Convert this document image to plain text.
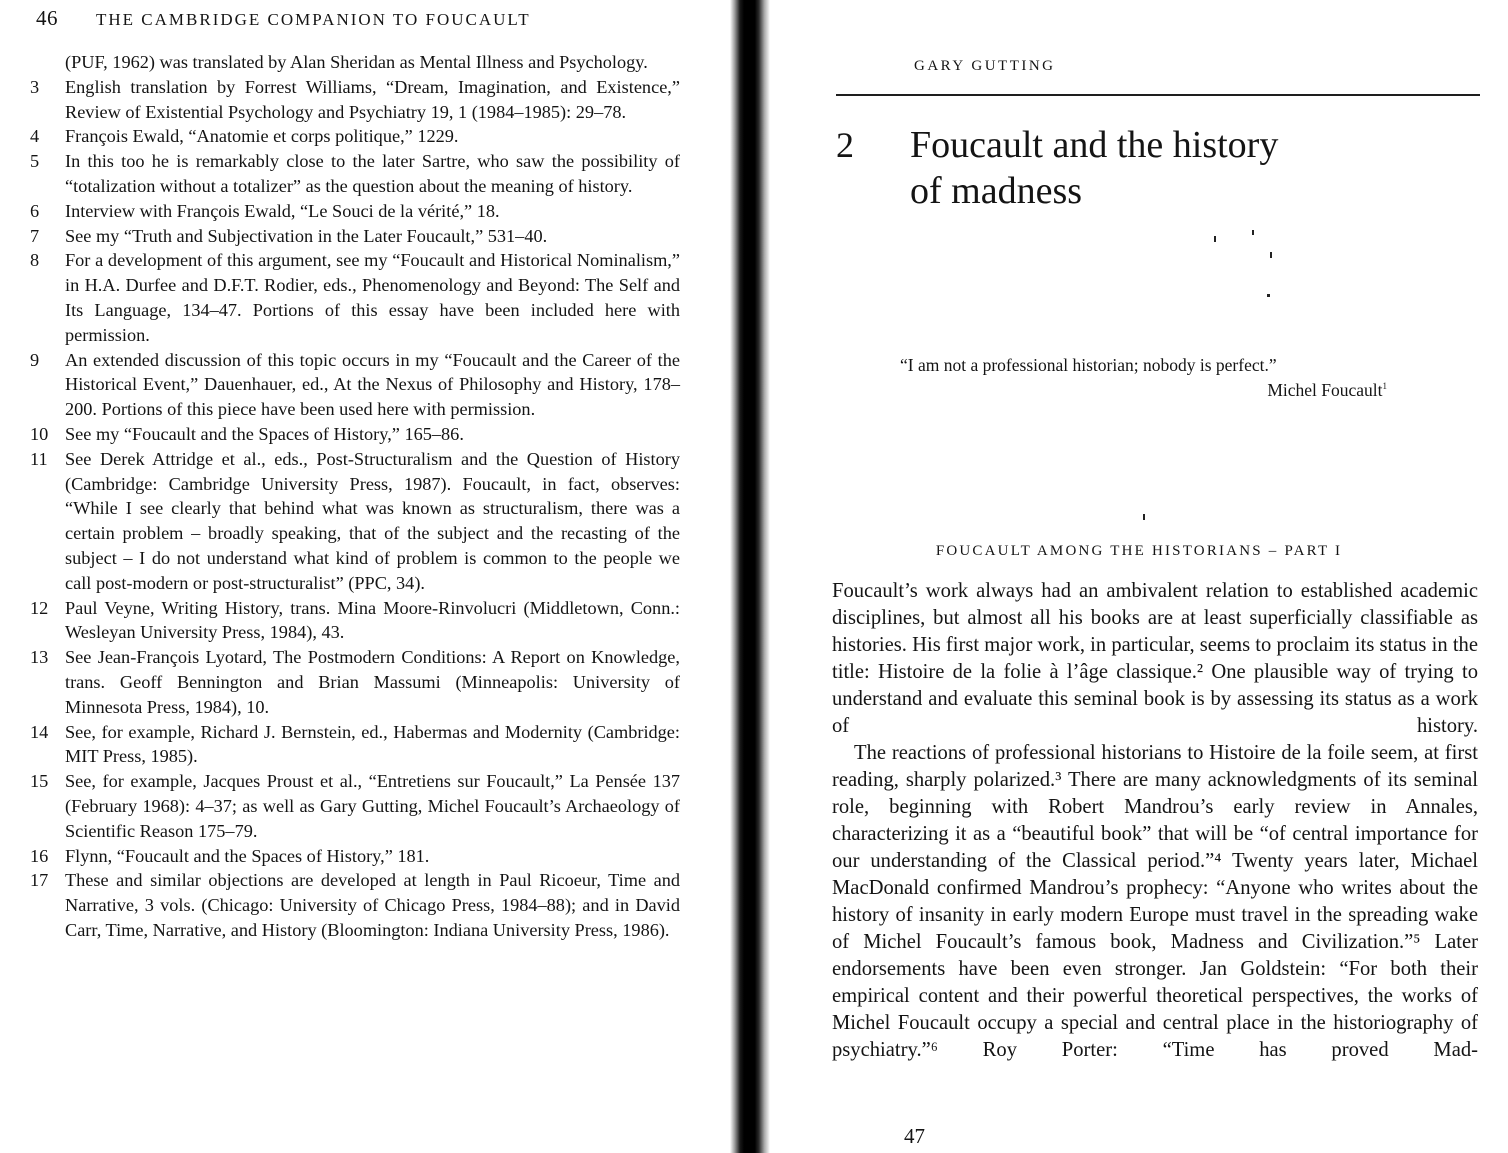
46 THE CAMBRIDGE COMPANION TO FOUCAULT
(PUF, 1962) was translated by Alan Sheridan as Mental Illness and Psychology.
3	English translation by Forrest Williams, “Dream, Imagination, and Existence,” Review of Existential Psychology and Psychiatry 19, 1 (1984–1985): 29–78.
4	François Ewald, “Anatomie et corps politique,” 1229.
5	In this too he is remarkably close to the later Sartre, who saw the possibility of “totalization without a totalizer” as the question about the meaning of history.
6	Interview with François Ewald, “Le Souci de la vérité,” 18.
7	See my “Truth and Subjectivation in the Later Foucault,” 531–40.
8	For a development of this argument, see my “Foucault and Historical Nominalism,” in H.A. Durfee and D.F.T. Rodier, eds., Phenomenology and Beyond: The Self and Its Language, 134–47. Portions of this essay have been included here with permission.
9	An extended discussion of this topic occurs in my “Foucault and the Career of the Historical Event,” Dauenhauer, ed., At the Nexus of Philosophy and History, 178–200. Portions of this piece have been used here with permission.
10 See my “Foucault and the Spaces of History,” 165–86.
11 See Derek Attridge et al., eds., Post-Structuralism and the Question of History (Cambridge: Cambridge University Press, 1987). Foucault, in fact, observes: “While I see clearly that behind what was known as structuralism, there was a certain problem – broadly speaking, that of the subject and the recasting of the subject – I do not understand what kind of problem is common to the people we call post-modern or post-structuralist” (PPC, 34).
12 Paul Veyne, Writing History, trans. Mina Moore-Rinvolucri (Middletown, Conn.: Wesleyan University Press, 1984), 43.
13 See Jean-François Lyotard, The Postmodern Conditions: A Report on Knowledge, trans. Geoff Bennington and Brian Massumi (Minneapolis: University of Minnesota Press, 1984), 10.
14 See, for example, Richard J. Bernstein, ed., Habermas and Modernity (Cambridge: MIT Press, 1985).
15 See, for example, Jacques Proust et al., “Entretiens sur Foucault,” La Pensée 137 (February 1968): 4–37; as well as Gary Gutting, Michel Foucault’s Archaeology of Scientific Reason 175–79.
16 Flynn, “Foucault and the Spaces of History,” 181.
17 These and similar objections are developed at length in Paul Ricoeur, Time and Narrative, 3 vols. (Chicago: University of Chicago Press, 1984–88); and in David Carr, Time, Narrative, and History (Bloomington: Indiana University Press, 1986).
GARY GUTTING
2 Foucault and the history
of madness
“I am not a professional historian; nobody is perfect.”
Michel Foucault$^1$
FOUCAULT AMONG THE HISTORIANS – PART I
Foucault’s work always had an ambivalent relation to established academic disciplines, but almost all his books are at least superficially classifiable as histories. His first major work, in particular, seems to proclaim its status in the title: Histoire de la folie à l’âge classique.² One plausible way of trying to understand and evaluate this seminal book is by assessing its status as a work of history.
The reactions of professional historians to Histoire de la foile seem, at first reading, sharply polarized.³ There are many acknowledgments of its seminal role, beginning with Robert Mandrou’s early review in Annales, characterizing it as a “beautiful book” that will be “of central importance for our understanding of the Classical period.”⁴ Twenty years later, Michael MacDonald confirmed Mandrou’s prophecy: “Anyone who writes about the history of insanity in early modern Europe must travel in the spreading wake of Michel Foucault’s famous book, Madness and Civilization.”⁵ Later endorsements have been even stronger. Jan Goldstein: “For both their empirical content and their powerful theoretical perspectives, the works of Michel Foucault occupy a special and central place in the historiography of psychiatry.”⁶ Roy Porter: “Time has proved Mad-
47
